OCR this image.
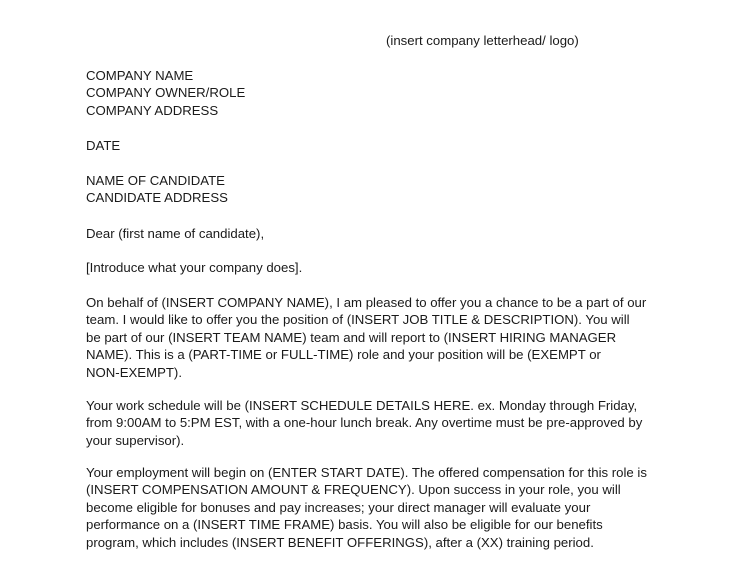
(insert company letterhead/ logo)
COMPANY NAME
COMPANY OWNER/ROLE
COMPANY ADDRESS
DATE
NAME OF CANDIDATE
CANDIDATE ADDRESS
Dear (first name of candidate),
[Introduce what your company does].
On behalf of (INSERT COMPANY NAME), I am pleased to offer you a chance to be a part of our
team. I would like to offer you the position of (INSERT JOB TITLE & DESCRIPTION). You will
be part of our (INSERT TEAM NAME) team and will report to (INSERT HIRING MANAGER
NAME). This is a (PART-TIME or FULL-TIME) role and your position will be (EXEMPT or
NON-EXEMPT).
Your work schedule will be (INSERT SCHEDULE DETAILS HERE. ex. Monday through Friday,
from 9:00AM to 5:PM EST, with a one-hour lunch break. Any overtime must be pre-approved by
your supervisor).
Your employment will begin on (ENTER START DATE). The offered compensation for this role is
(INSERT COMPENSATION AMOUNT & FREQUENCY). Upon success in your role, you will
become eligible for bonuses and pay increases; your direct manager will evaluate your
performance on a (INSERT TIME FRAME) basis. You will also be eligible for our benefits
program, which includes (INSERT BENEFIT OFFERINGS), after a (XX) training period.
